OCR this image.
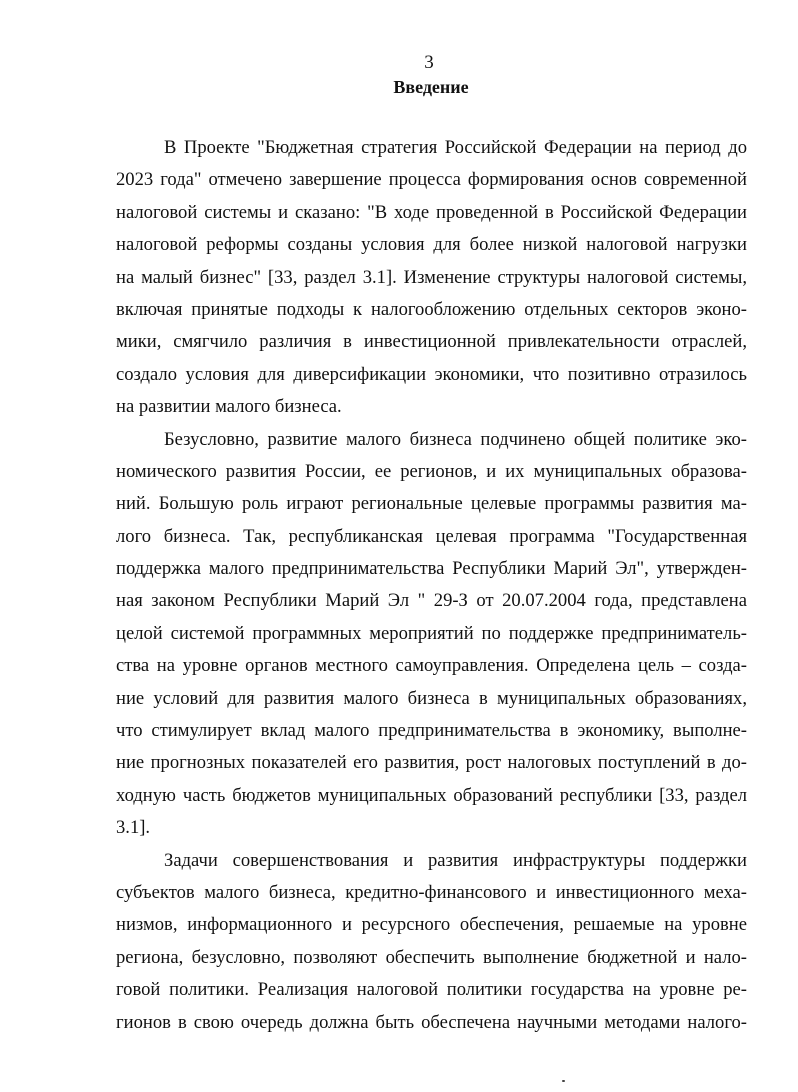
3
Введение

В Проекте "Бюджетная стратегия Российской Федерации на период до
2023 года" отмечено завершение процесса формирования основ современной
налоговой системы и сказано: "В ходе проведенной в Российской Федерации
налоговой реформы созданы условия для более низкой налоговой нагрузки
на малый бизнес" [33, раздел 3.1]. Изменение структуры налоговой системы,
включая принятые подходы к налогообложению отдельных секторов эконо-
мики, смягчило различия в инвестиционной привлекательности отраслей,
создало условия для диверсификации экономики, что позитивно отразилось
на развитии малого бизнеса.

Безусловно, развитие малого бизнеса подчинено общей политике эко-
номического развития России, ее регионов, и их муниципальных образова-
ний. Большую роль играют региональные целевые программы развития ма-
лого бизнеса. Так, республиканская целевая программа "Государственная
поддержка малого предпринимательства Республики Марий Эл", утвержден-
ная законом Республики Марий Эл " 29-З от 20.07.2004 года, представлена
целой системой программных мероприятий по поддержке предприниматель-
ства на уровне органов местного самоуправления. Определена цель – созда-
ние условий для развития малого бизнеса в муниципальных образованиях,
что стимулирует вклад малого предпринимательства в экономику, выполне-
ние прогнозных показателей его развития, рост налоговых поступлений в до-
ходную часть бюджетов муниципальных образований республики [33, раздел
3.1].

Задачи совершенствования и развития инфраструктуры поддержки
субъектов малого бизнеса, кредитно-финансового и инвестиционного меха-
низмов, информационного и ресурсного обеспечения, решаемые на уровне
региона, безусловно, позволяют обеспечить выполнение бюджетной и нало-
говой политики. Реализация налоговой политики государства на уровне ре-
гионов в свою очередь должна быть обеспечена научными методами налого-
